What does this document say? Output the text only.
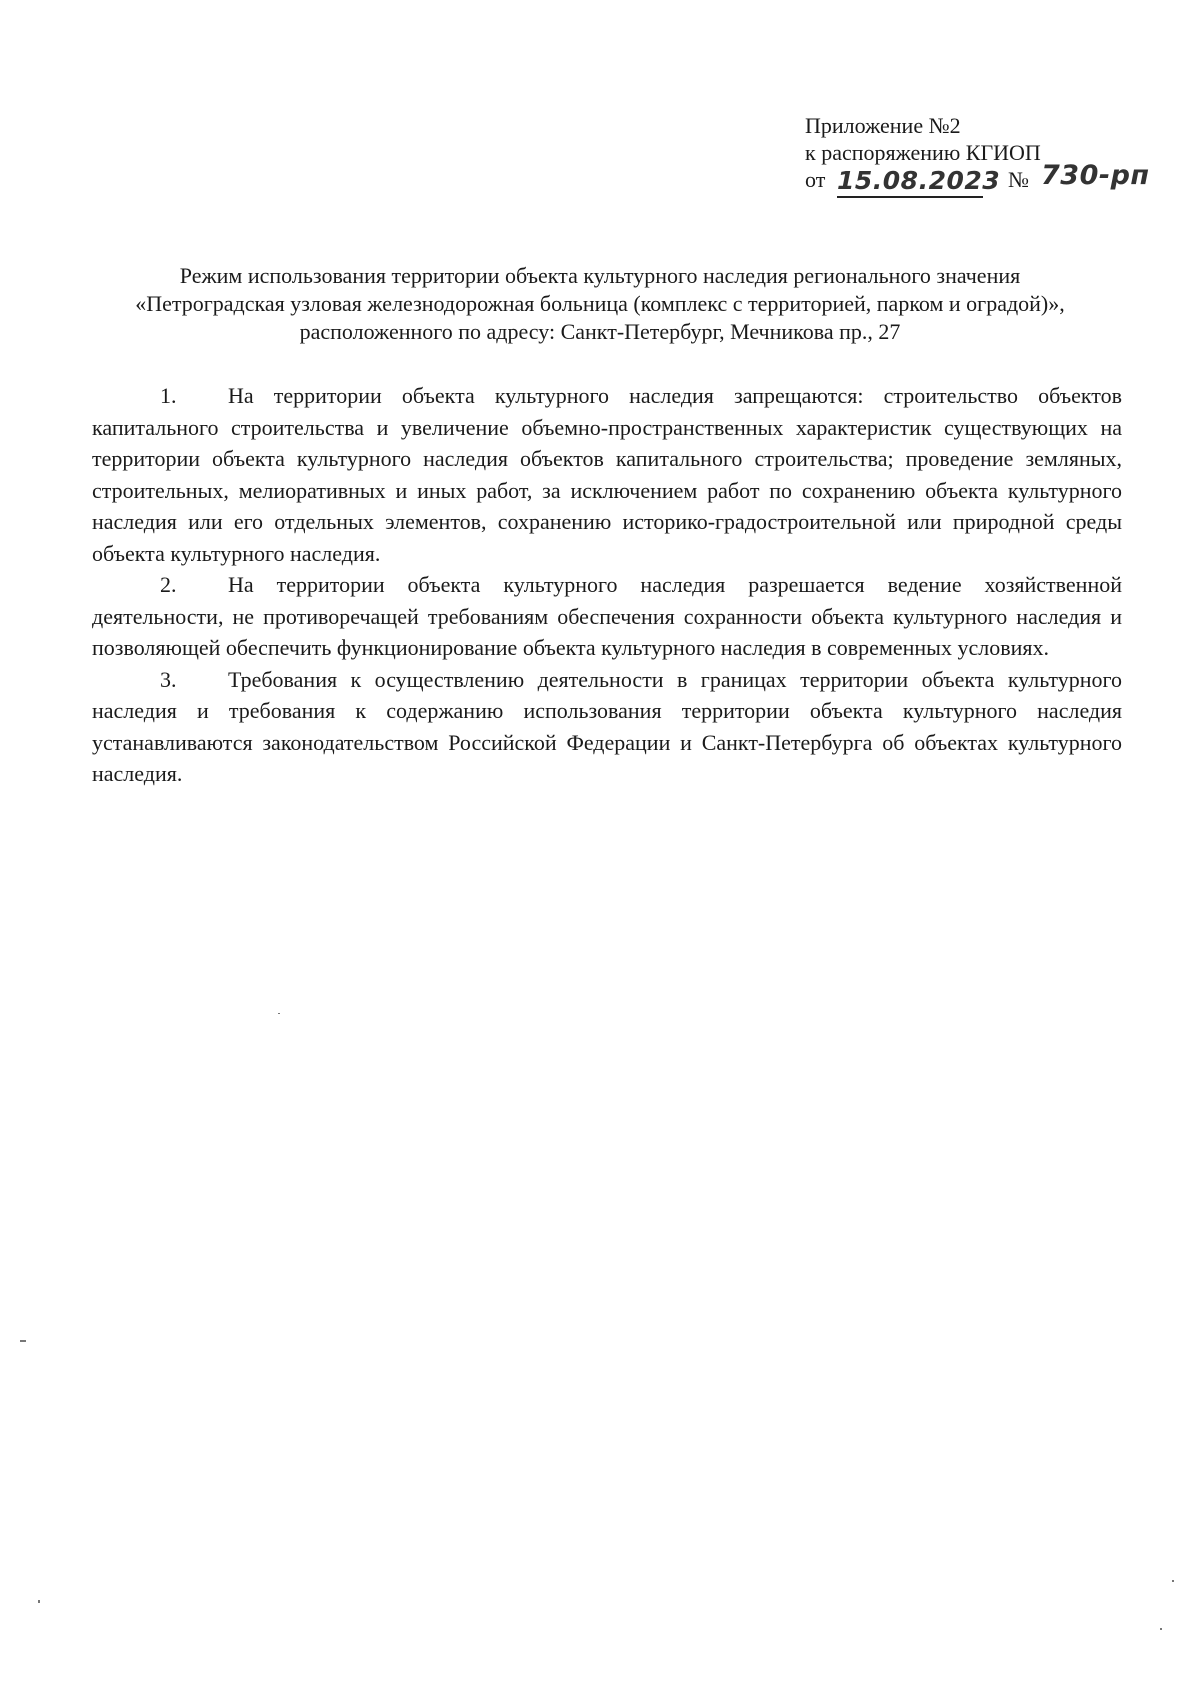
Приложение №2
к распоряжению КГИОП
от 15.08.2023 № 730-рп
Режим использования территории объекта культурного наследия регионального значения
«Петроградская узловая железнодорожная больница (комплекс с территорией, парком и оградой)»,
расположенного по адресу: Санкт-Петербург, Мечникова пр., 27

1. На территории объекта культурного наследия запрещаются: строительство объектов капитального строительства и увеличение объемно-пространственных характеристик существующих на территории объекта культурного наследия объектов капитального строительства; проведение земляных, строительных, мелиоративных и иных работ, за исключением работ по сохранению объекта культурного наследия или его отдельных элементов, сохранению историко-градостроительной или природной среды объекта культурного наследия.

2. На территории объекта культурного наследия разрешается ведение хозяйственной деятельности, не противоречащей требованиям обеспечения сохранности объекта культурного наследия и позволяющей обеспечить функционирование объекта культурного наследия в современных условиях.

3. Требования к осуществлению деятельности в границах территории объекта культурного наследия и требования к содержанию использования территории объекта культурного наследия устанавливаются законодательством Российской Федерации и Санкт-Петербурга об объектах культурного наследия.
